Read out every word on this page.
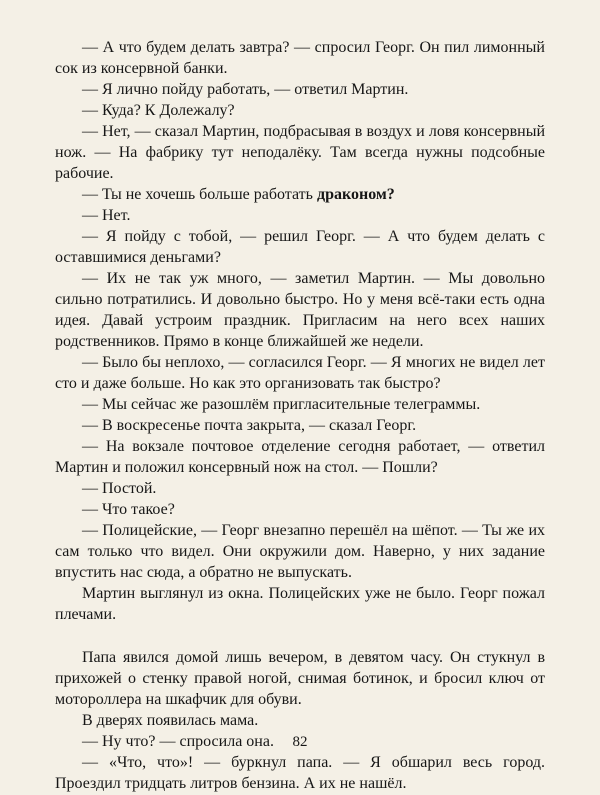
— А что будем делать завтра? — спросил Георг. Он пил лимонный сок из консервной банки.

— Я лично пойду работать, — ответил Мартин.

— Куда? К Долежалу?

— Нет, — сказал Мартин, подбрасывая в воздух и ловя консервный нож. — На фабрику тут неподалёку. Там всегда нужны подсобные рабочие.

— Ты не хочешь больше работать драконом?

— Нет.

— Я пойду с тобой, — решил Георг. — А что будем делать с оставшимися деньгами?

— Их не так уж много, — заметил Мартин. — Мы довольно сильно потратились. И довольно быстро. Но у меня всё-таки есть одна идея. Давай устроим праздник. Пригласим на него всех наших родственников. Прямо в конце ближайшей же недели.

— Было бы неплохо, — согласился Георг. — Я многих не видел лет сто и даже больше. Но как это организовать так быстро?

— Мы сейчас же разошлём пригласительные телеграммы.

— В воскресенье почта закрыта, — сказал Георг.

— На вокзале почтовое отделение сегодня работает, — ответил Мартин и положил консервный нож на стол. — Пошли?

— Постой.

— Что такое?

— Полицейские, — Георг внезапно перешёл на шёпот. — Ты же их сам только что видел. Они окружили дом. Наверно, у них задание впустить нас сюда, а обратно не выпускать.

Мартин выглянул из окна. Полицейских уже не было. Георг пожал плечами.

Папа явился домой лишь вечером, в девятом часу. Он стукнул в прихожей о стенку правой ногой, снимая ботинок, и бросил ключ от мотороллера на шкафчик для обуви.

В дверях появилась мама.

— Ну что? — спросила она.

— «Что, что»! — буркнул папа. — Я обшарил весь город. Проездил тридцать литров бензина. А их не нашёл.

82
